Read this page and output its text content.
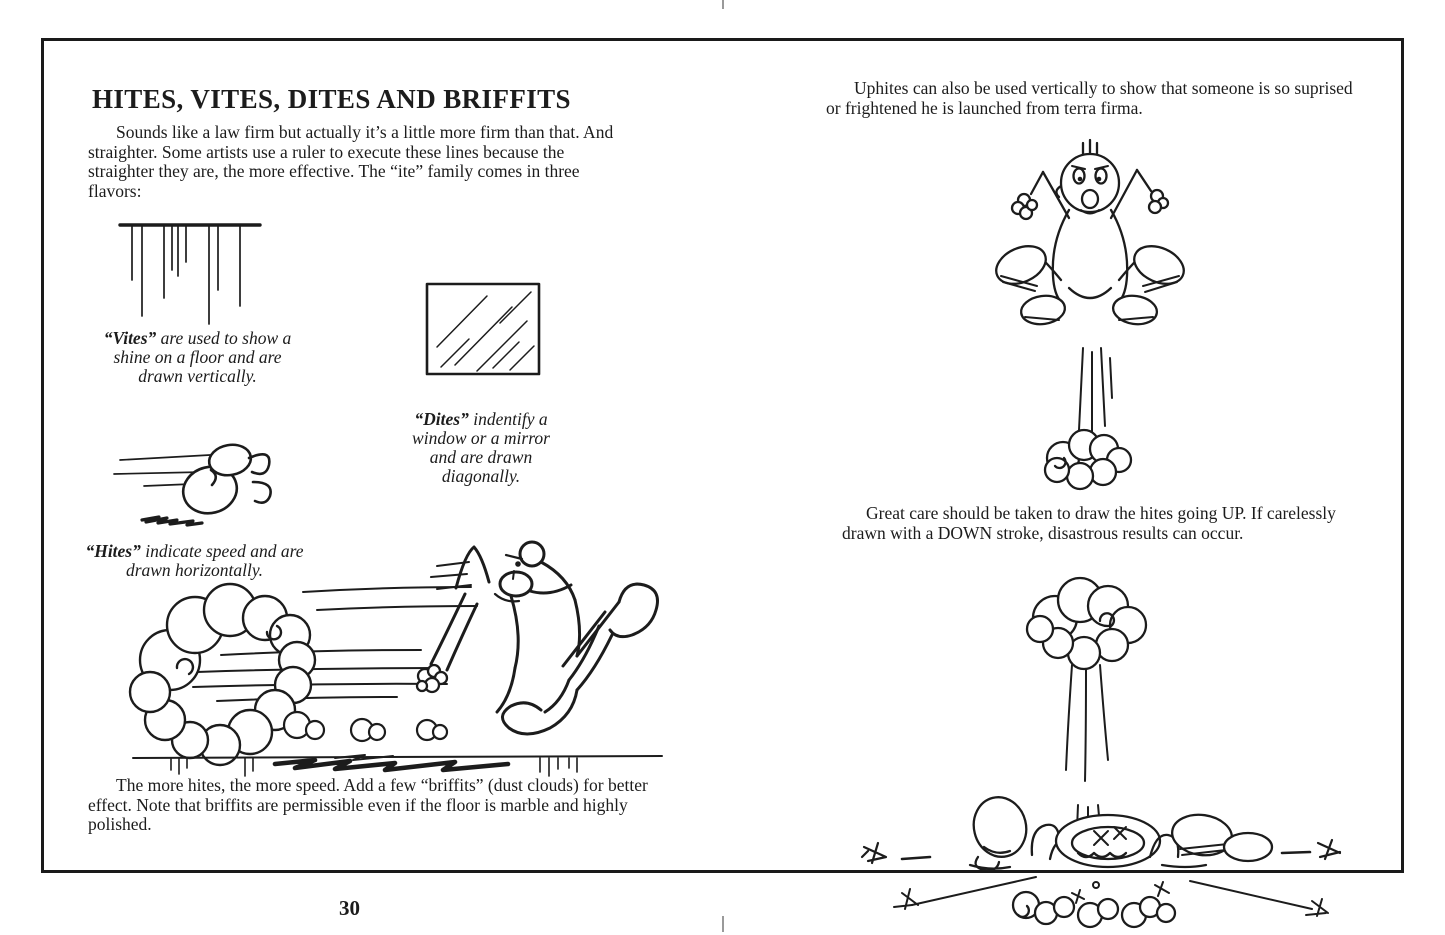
HITES, VITES, DITES AND BRIFFITS
Sounds like a law firm but actually it’s a little more firm than that. And straighter. Some artists use a ruler to execute these lines because the straighter they are, the more effective. The “ite” family comes in three flavors:
“Vites” are used to show a shine on a floor and are drawn vertically.
“Dites” indentify a window or a mirror and are drawn diagonally.
“Hites” indicate speed and are drawn horizontally.
The more hites, the more speed. Add a few “briffits” (dust clouds) for better effect. Note that briffits are permissible even if the floor is marble and highly polished.
30
Uphites can also be used vertically to show that someone is so suprised or frightened he is launched from terra firma.
Great care should be taken to draw the hites going UP. If carelessly drawn with a DOWN stroke, disastrous results can occur.
